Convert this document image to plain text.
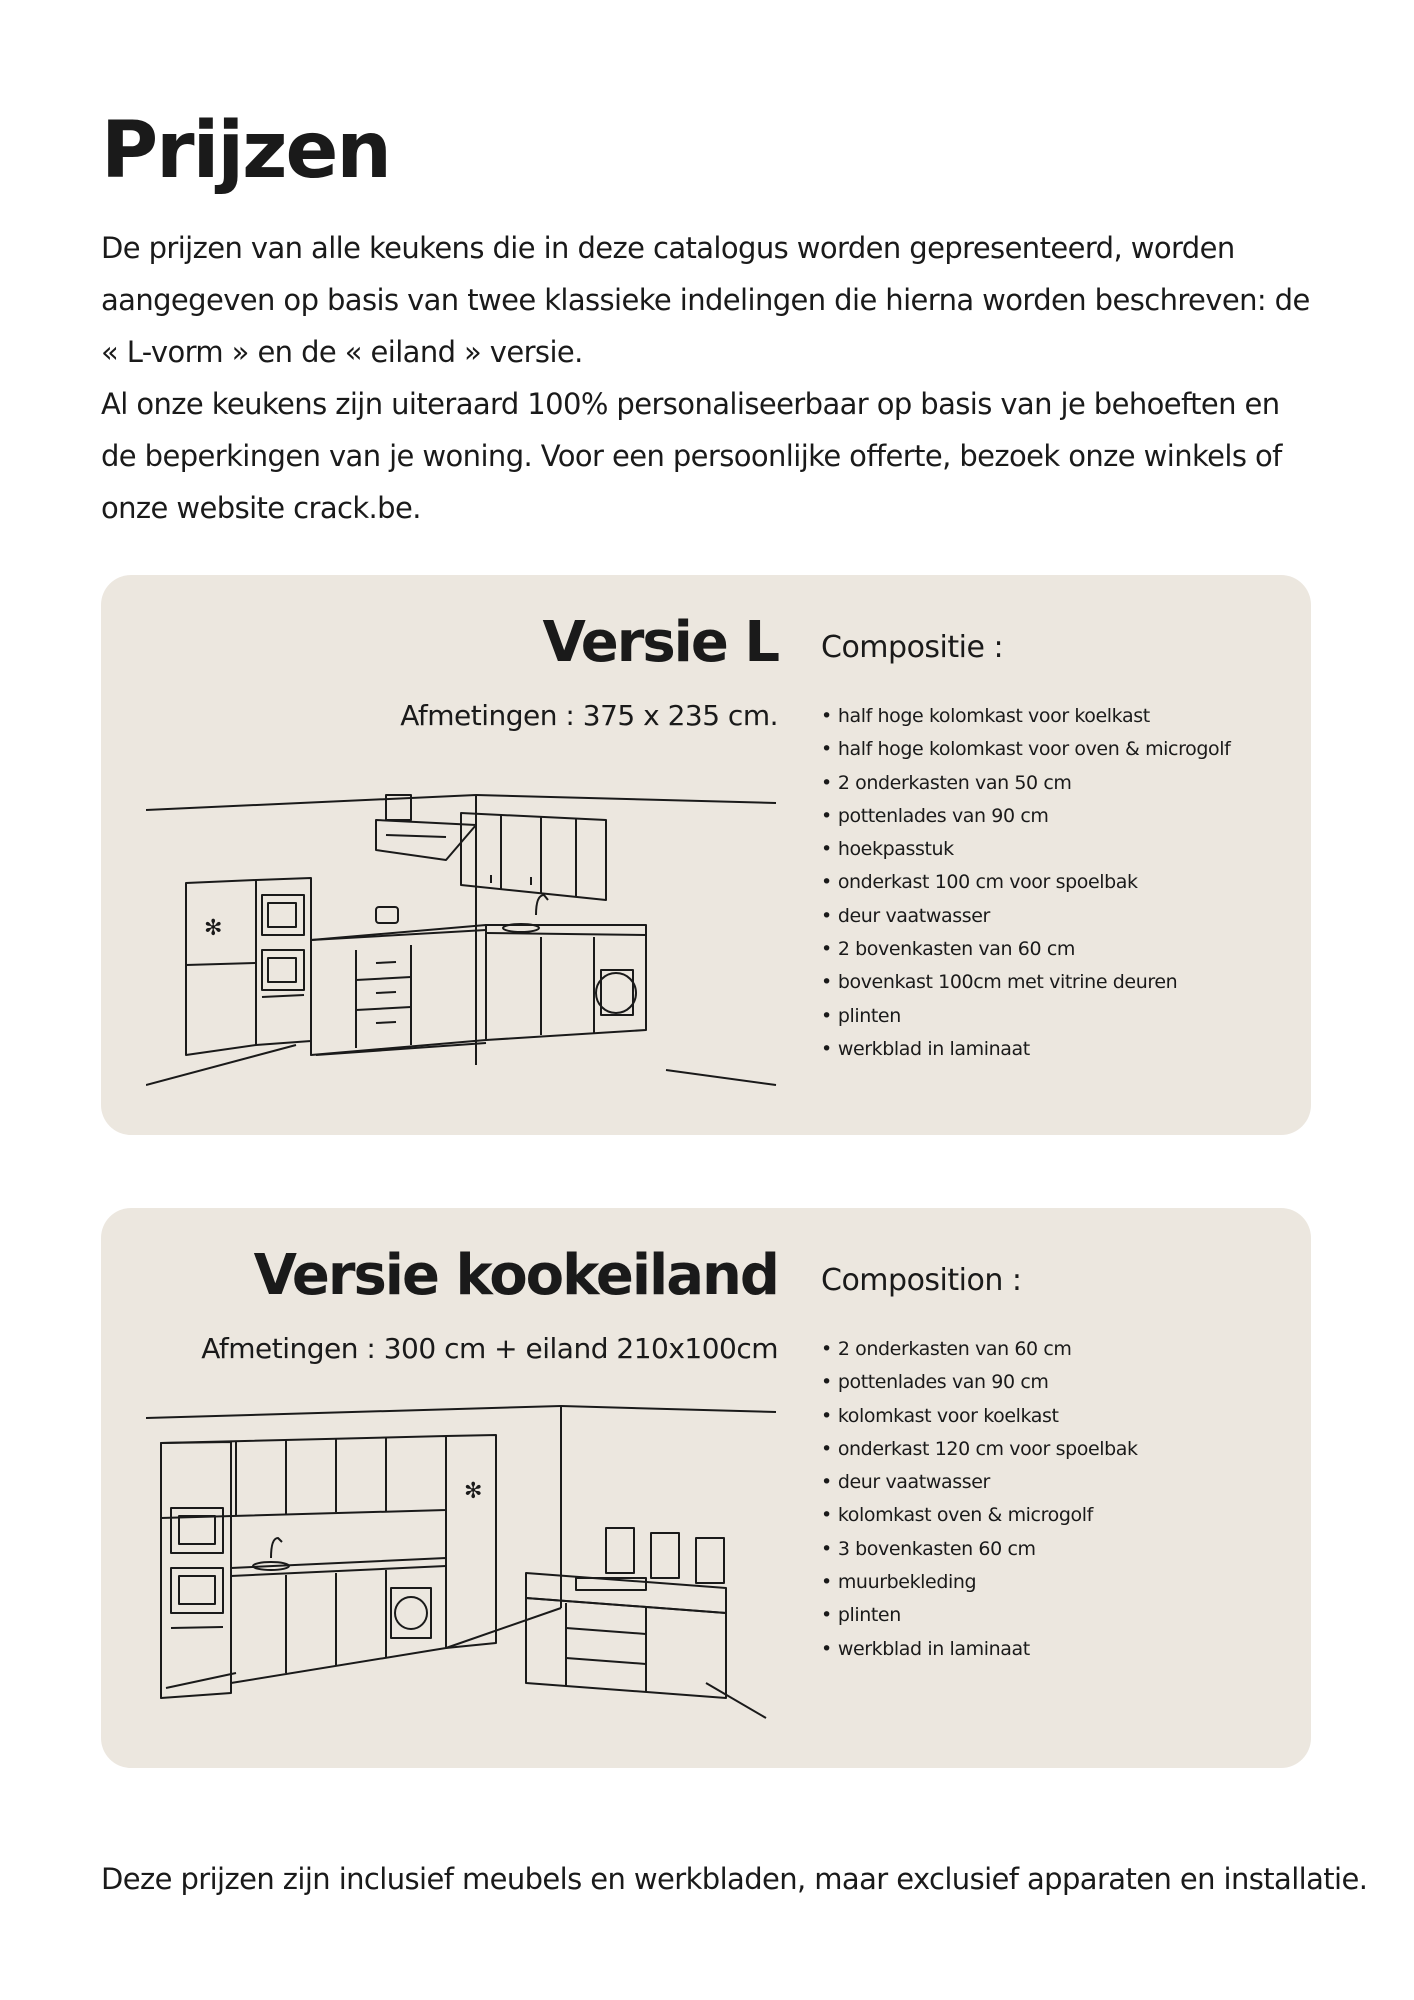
Prijzen

De prijzen van alle keukens die in deze catalogus worden gepresenteerd, worden aangegeven op basis van twee klassieke indelingen die hierna worden beschreven: de « L-vorm » en de « eiland » versie.

Al onze keukens zijn uiteraard 100% personaliseerbaar op basis van je behoeften en de beperkingen van je woning. Voor een persoonlijke offerte, bezoek onze winkels of onze website crack.be.

Versie L
Afmetingen : 375 x 235 cm.
Compositie :
• half hoge kolomkast voor koelkast
• half hoge kolomkast voor oven & microgolf
• 2 onderkasten van 50 cm
• pottenlades van 90 cm
• hoekpasstuk
• onderkast 100 cm voor spoelbak
• deur vaatwasser
• 2 bovenkasten van 60 cm
• bovenkast 100cm met vitrine deuren
• plinten
• werkblad in laminaat
✻
Versie kookeiland
Afmetingen : 300 cm + eiland 210x100cm
Composition :
• 2 onderkasten van 60 cm
• pottenlades van 90 cm
• kolomkast voor koelkast
• onderkast 120 cm voor spoelbak
• deur vaatwasser
• kolomkast oven & microgolf
• 3 bovenkasten 60 cm
• muurbekleding
• plinten
• werkblad in laminaat
✻

Deze prijzen zijn inclusief meubels en werkbladen, maar exclusief apparaten en installatie.
